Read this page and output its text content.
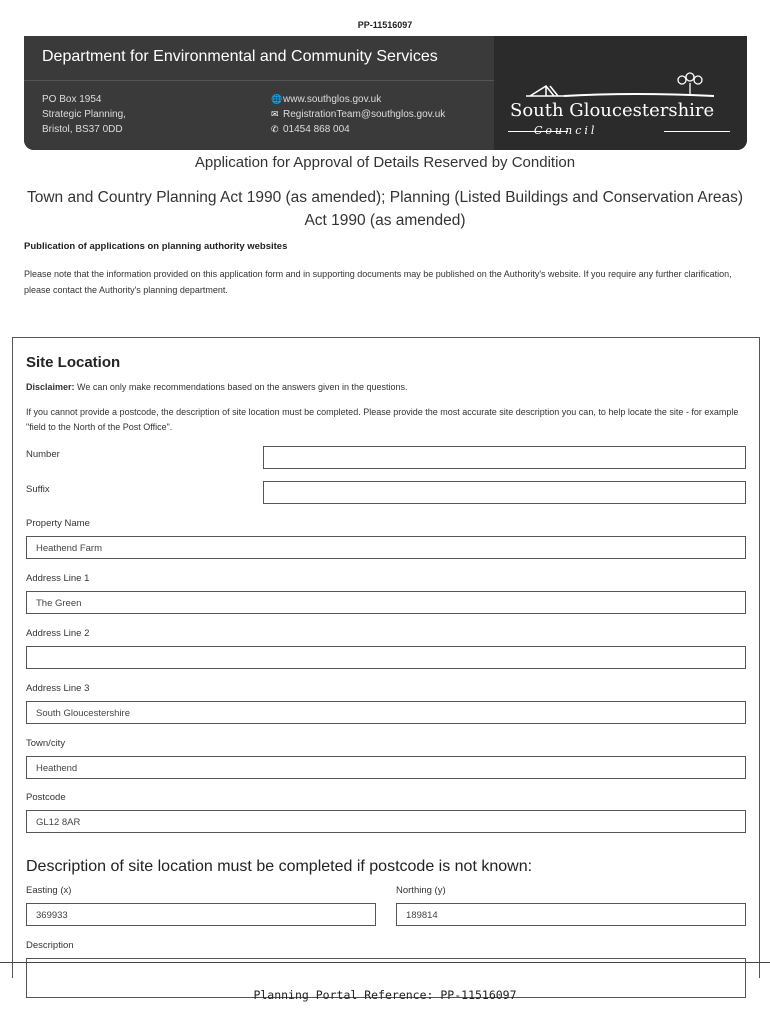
PP-11516097
Department for Environmental and Community Services
PO Box 1954
Strategic Planning,
Bristol, BS37 0DD
🌐www.southglos.gov.uk
✉ RegistrationTeam@southglos.gov.uk
✆ 01454 868 004
South Gloucestershire
Council
Application for Approval of Details Reserved by Condition
Town and Country Planning Act 1990 (as amended); Planning (Listed Buildings and Conservation Areas) Act 1990 (as amended)
Publication of applications on planning authority websites
Please note that the information provided on this application form and in supporting documents may be published on the Authority's website. If you require any further clarification, please contact the Authority's planning department.
Site Location
Disclaimer: We can only make recommendations based on the answers given in the questions.
If you cannot provide a postcode, the description of site location must be completed. Please provide the most accurate site description you can, to help locate the site - for example "field to the North of the Post Office".
Number
Suffix
Property Name
Heathend Farm
Address Line 1
The Green
Address Line 2
Address Line 3
South Gloucestershire
Town/city
Heathend
Postcode
GL12 8AR
Description of site location must be completed if postcode is not known:
Easting (x)
369933
Northing (y)
189814
Description
Planning Portal Reference: PP-11516097
